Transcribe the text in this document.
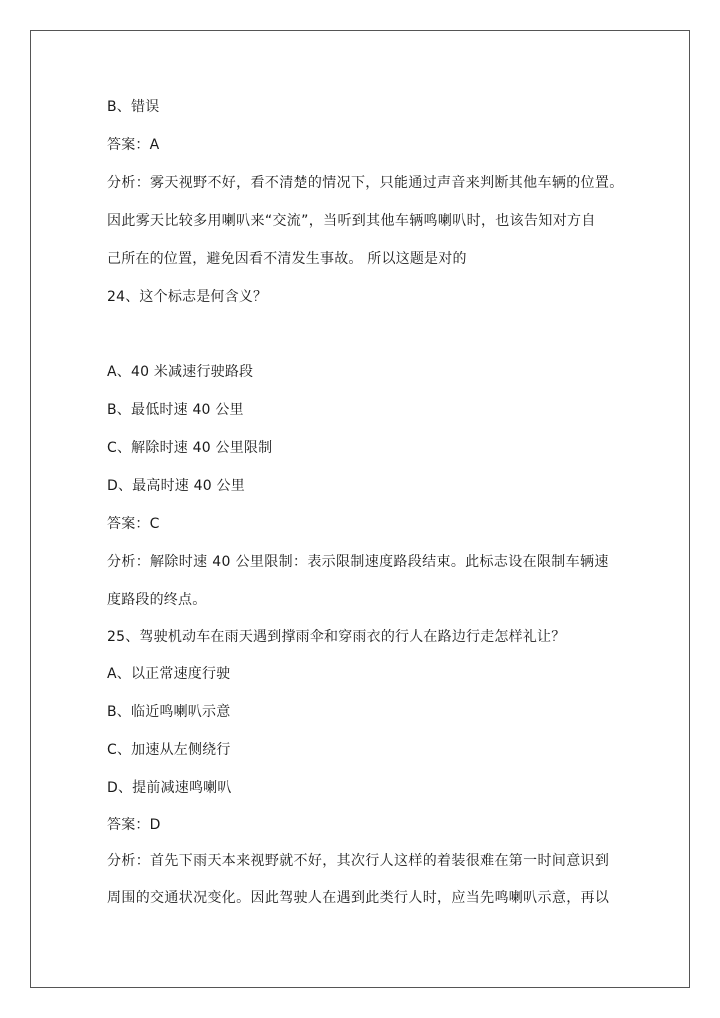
B、错误
答案：A
分析：雾天视野不好，看不清楚的情况下，只能通过声音来判断其他车辆的位置。
因此雾天比较多用喇叭来“交流”，当听到其他车辆鸣喇叭时，也该告知对方自
己所在的位置，避免因看不清发生事故。 所以这题是对的
24、这个标志是何含义？
A、40 米减速行驶路段
B、最低时速 40 公里
C、解除时速 40 公里限制
D、最高时速 40 公里
答案：C
分析：解除时速 40 公里限制：表示限制速度路段结束。此标志设在限制车辆速
度路段的终点。
25、驾驶机动车在雨天遇到撑雨伞和穿雨衣的行人在路边行走怎样礼让？
A、以正常速度行驶
B、临近鸣喇叭示意
C、加速从左侧绕行
D、提前减速鸣喇叭
答案：D
分析：首先下雨天本来视野就不好，其次行人这样的着装很难在第一时间意识到
周围的交通状况变化。因此驾驶人在遇到此类行人时，应当先鸣喇叭示意，再以
